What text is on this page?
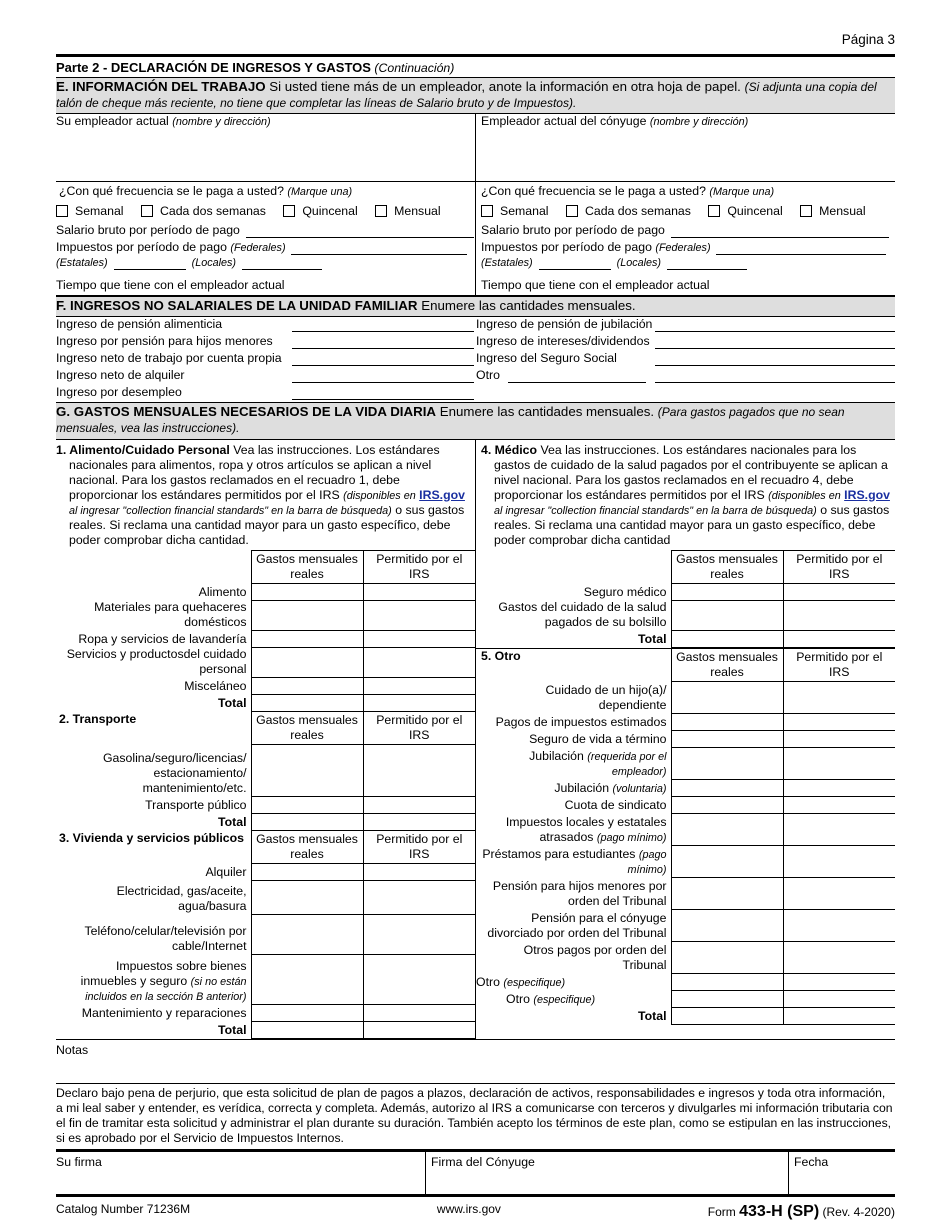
Página 3
Parte 2 - DECLARACIÓN DE INGRESOS Y GASTOS (Continuación)
E. INFORMACIÓN DEL TRABAJO Si usted tiene más de un empleador, anote la información en otra hoja de papel. (Si adjunta una copia del talón de cheque más reciente, no tiene que completar las líneas de Salario bruto y de Impuestos).
Su empleador actual (nombre y dirección)	Empleador actual del cónyuge (nombre y dirección)
¿Con qué frecuencia se le paga a usted? (Marque una)
Semanal	Cada dos semanas	Quincenal	Mensual
Salario bruto por período de pago
Impuestos por período de pago (Federales)
(Estatales)	(Locales)
Tiempo que tiene con el empleador actual
¿Con qué frecuencia se le paga a usted? (Marque una)
Semanal	Cada dos semanas	Quincenal	Mensual
Salario bruto por período de pago
Impuestos por período de pago (Federales)
(Estatales)	(Locales)
Tiempo que tiene con el empleador actual
F. INGRESOS NO SALARIALES DE LA UNIDAD FAMILIAR Enumere las cantidades mensuales.
Ingreso de pensión alimenticia
Ingreso por pensión para hijos menores
Ingreso neto de trabajo por cuenta propia
Ingreso neto de alquiler
Ingreso por desempleo
Ingreso de pensión de jubilación
Ingreso de intereses/dividendos
Ingreso del Seguro Social
Otro
G. GASTOS MENSUALES NECESARIOS DE LA VIDA DIARIA Enumere las cantidades mensuales. (Para gastos pagados que no sean mensuales, vea las instrucciones).
1. Alimento/Cuidado Personal Vea las instrucciones. Los estándares nacionales para alimentos, ropa y otros artículos se aplican a nivel nacional. Para los gastos reclamados en el recuadro 1, debe proporcionar los estándares permitidos por el IRS (disponibles en IRS.gov al ingresar "collection financial standards" en la barra de búsqueda) o sus gastos reales. Si reclama una cantidad mayor para un gasto específico, debe poder comprobar dicha cantidad.
	Gastos mensuales reales	Permitido por el IRS
Alimento		
Materiales para quehaceres domésticos		
Ropa y servicios de lavandería		
Servicios y productosdel cuidado personal		
Misceláneo		
Total		
2. Transporte	Gastos mensuales reales	Permitido por el IRS
Gasolina/seguro/licencias/ estacionamiento/ mantenimiento/etc.		
Transporte público		
Total		
3. Vivienda y servicios públicos	Gastos mensuales reales	Permitido por el IRS
Alquiler		
Electricidad, gas/aceite, agua/basura		
Teléfono/celular/televisión por cable/Internet		
Impuestos sobre bienes inmuebles y seguro (si no están incluidos en la sección B anterior)		
Mantenimiento y reparaciones		
Total		
4. Médico Vea las instrucciones. Los estándares nacionales para los gastos de cuidado de la salud pagados por el contribuyente se aplican a nivel nacional. Para los gastos reclamados en el recuadro 4, debe proporcionar los estándares permitidos por el IRS (disponibles en IRS.gov al ingresar "collection financial standards" en la barra de búsqueda) o sus gastos reales. Si reclama una cantidad mayor para un gasto específico, debe poder comprobar dicha cantidad
	Gastos mensuales reales	Permitido por el IRS
Seguro médico		
Gastos del cuidado de la salud pagados de su bolsillo		
Total		
5. Otro	Gastos mensuales reales	Permitido por el IRS
Cuidado de un hijo(a)/ dependiente		
Pagos de impuestos estimados		
Seguro de vida a término		
Jubilación (requerida por el empleador)		
Jubilación (voluntaria)		
Cuota de sindicato		
Impuestos locales y estatales atrasados (pago mínimo)		
Préstamos para estudiantes (pago mínimo)		
Pensión para hijos menores por orden del Tribunal		
Pensión para el cónyuge divorciado por orden del Tribunal		
Otros pagos por orden del Tribunal		
Otro (especifique)		
Otro (especifique)		
Total		
Notas
Declaro bajo pena de perjurio, que esta solicitud de plan de pagos a plazos, declaración de activos, responsabilidades e ingresos y toda otra información, a mi leal saber y entender, es verídica, correcta y completa. Además, autorizo al IRS a comunicarse con terceros y divulgarles mi información tributaria con el fin de tramitar esta solicitud y administrar el plan durante su duración. También acepto los términos de este plan, como se estipulan en las instrucciones, si es aprobado por el Servicio de Impuestos Internos.
Su firma	Firma del Cónyuge	Fecha
Catalog Number 71236M	www.irs.gov	Form 433-H (SP) (Rev. 4-2020)
